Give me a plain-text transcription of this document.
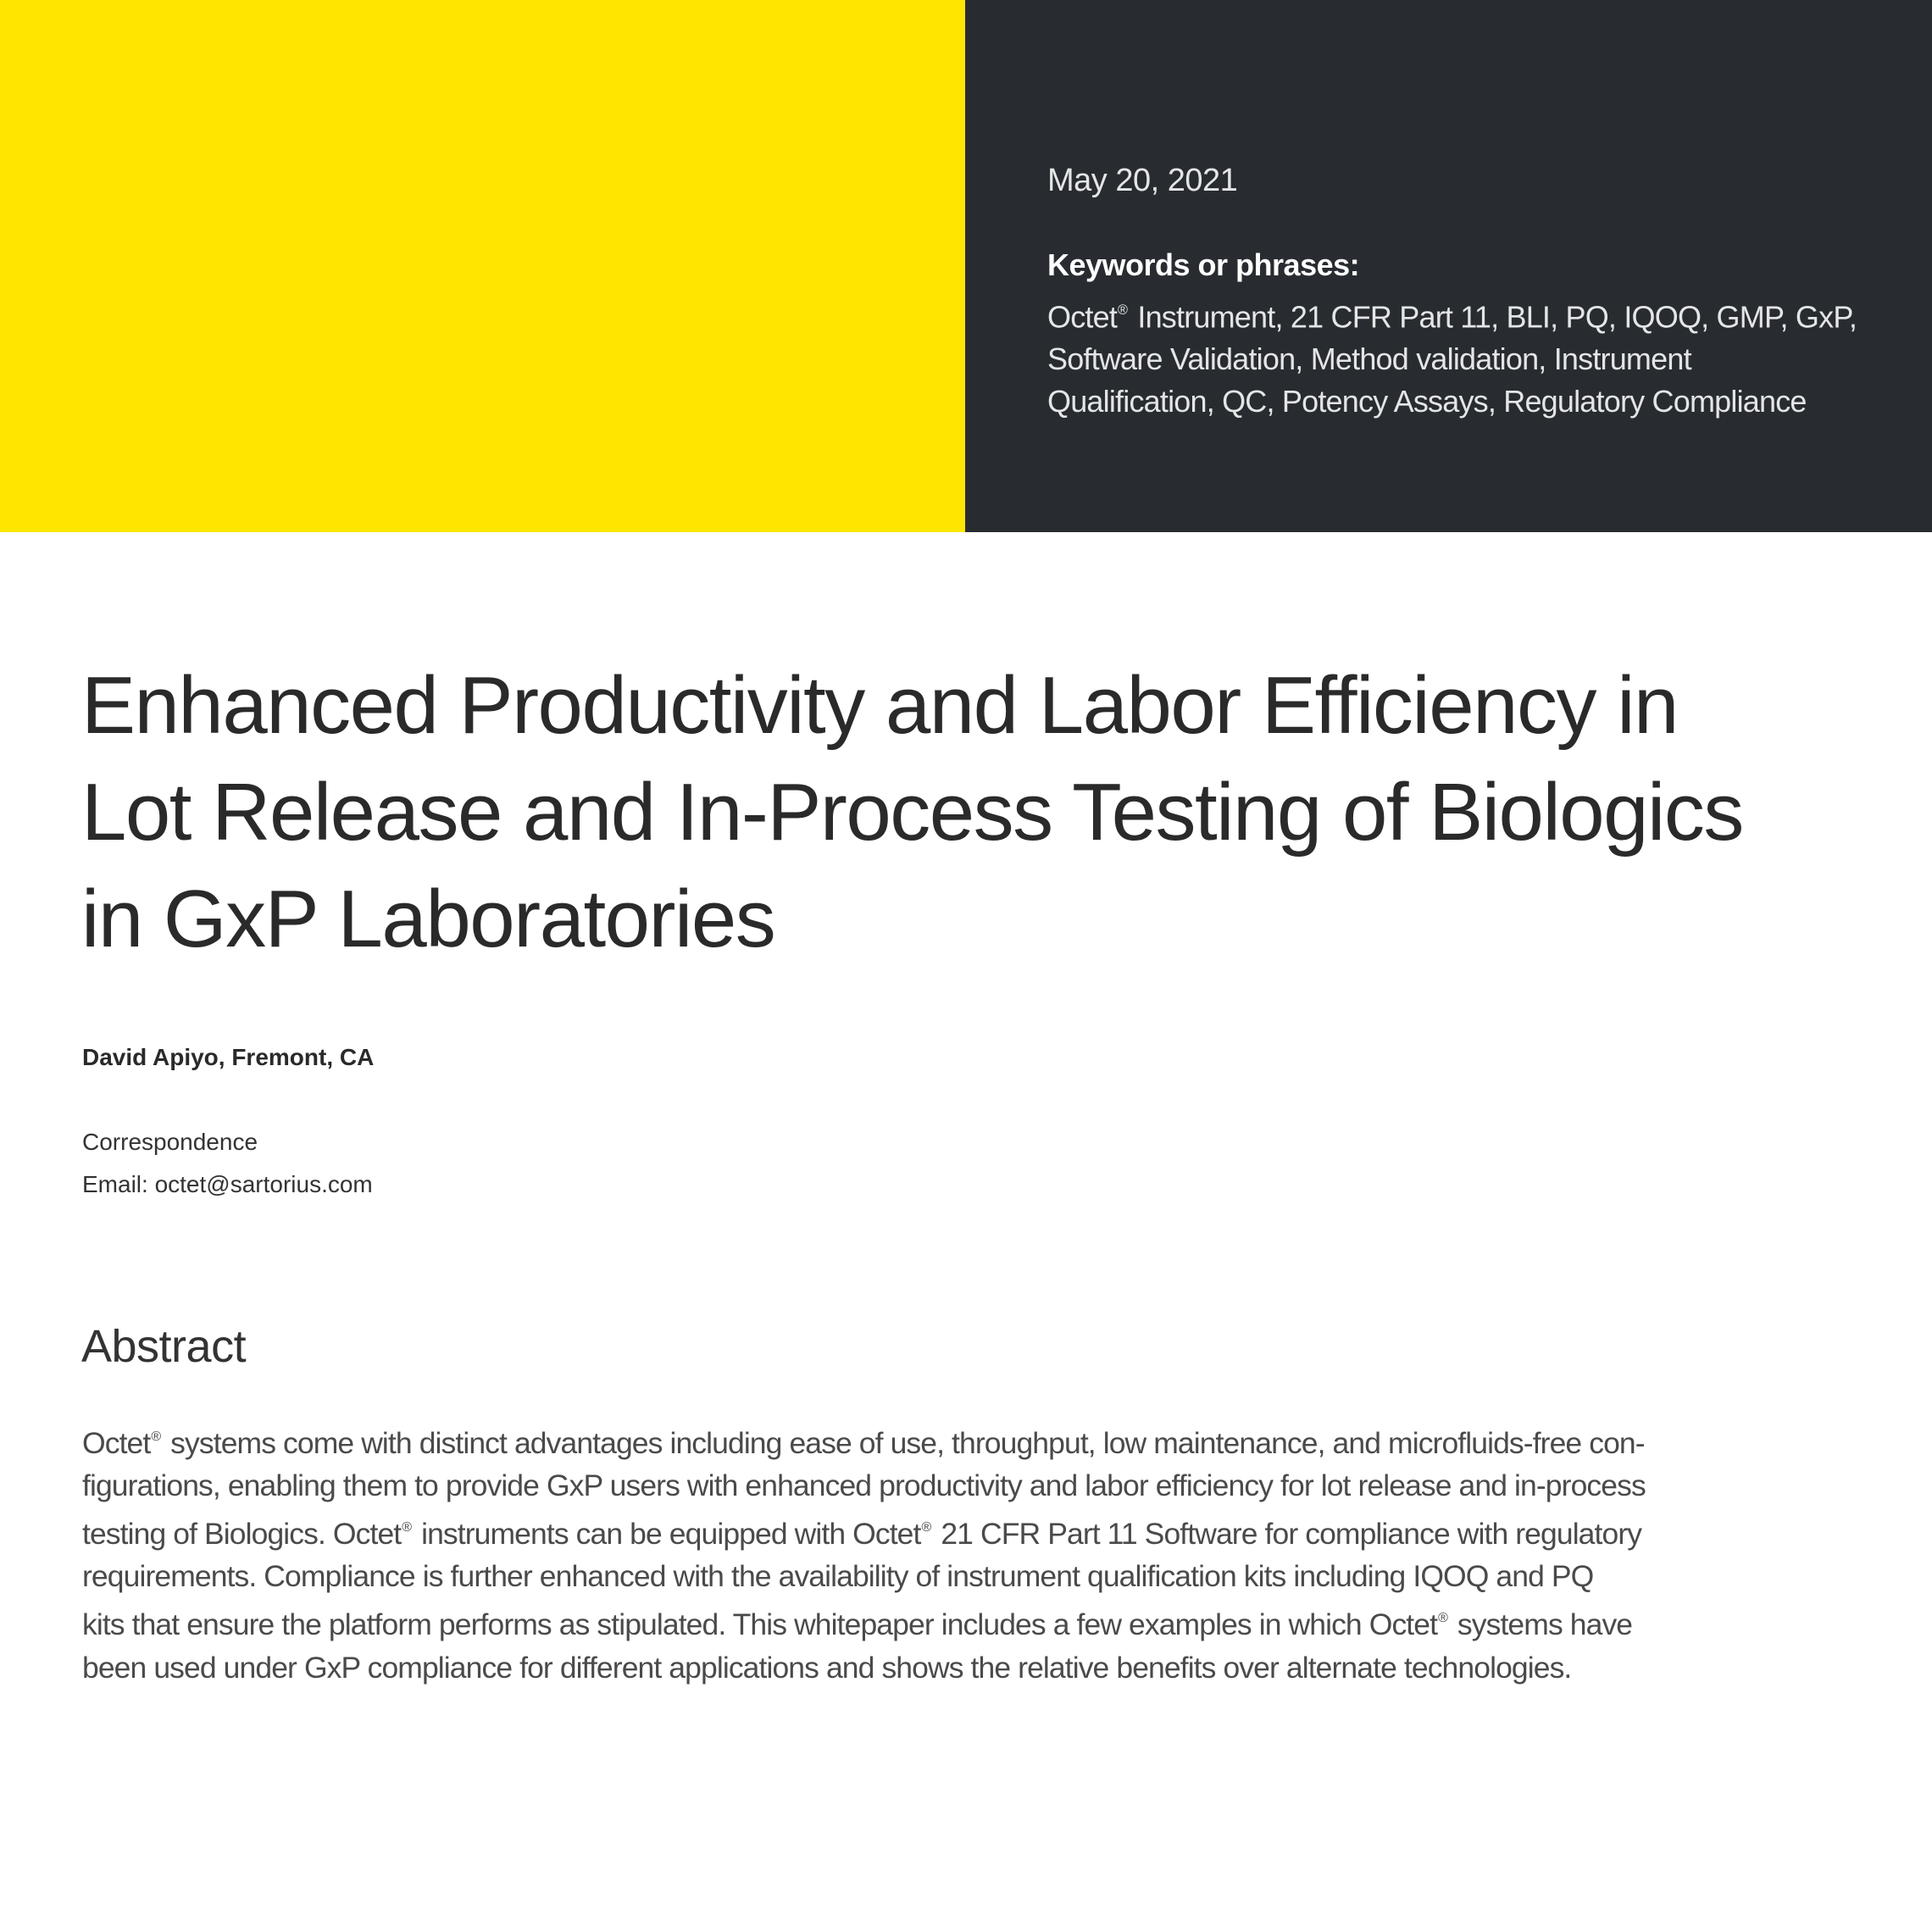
May 20, 2021
Keywords or phrases:
Octet® Instrument, 21 CFR Part 11, BLI, PQ, IQOQ, GMP, GxP, Software Validation, Method validation, Instrument Qualification, QC, Potency Assays, Regulatory Compliance
Enhanced Productivity and Labor Efficiency in
Lot Release and In-Process Testing of Biologics
in GxP Laboratories
David Apiyo, Fremont, CA
Correspondence
Email: octet@sartorius.com
Abstract

Octet® systems come with distinct advantages including ease of use, throughput, low maintenance, and microfluids-free con-
figurations, enabling them to provide GxP users with enhanced productivity and labor efficiency for lot release and in-process
testing of Biologics. Octet® instruments can be equipped with Octet® 21 CFR Part 11 Software for compliance with regulatory
requirements. Compliance is further enhanced with the availability of instrument qualification kits including IQOQ and PQ
kits that ensure the platform performs as stipulated. This whitepaper includes a few examples in which Octet® systems have
been used under GxP compliance for different applications and shows the relative benefits over alternate technologies.
